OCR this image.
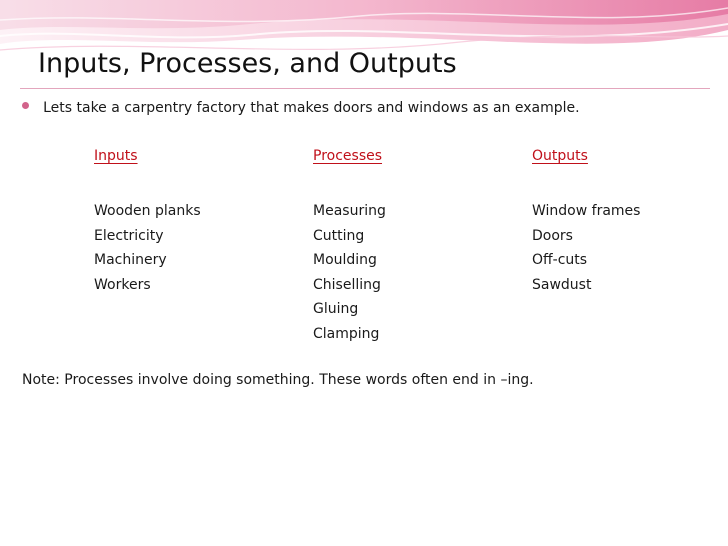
Inputs, Processes, and Outputs
Lets take a carpentry factory that makes doors and windows as an example.
Inputs
Wooden planks
Electricity
Machinery
Workers
Processes
Measuring
Cutting
Moulding
Chiselling
Gluing
Clamping
Outputs
Window frames
Doors
Off-cuts
Sawdust
Note: Processes involve doing something. These words often end in –ing.
